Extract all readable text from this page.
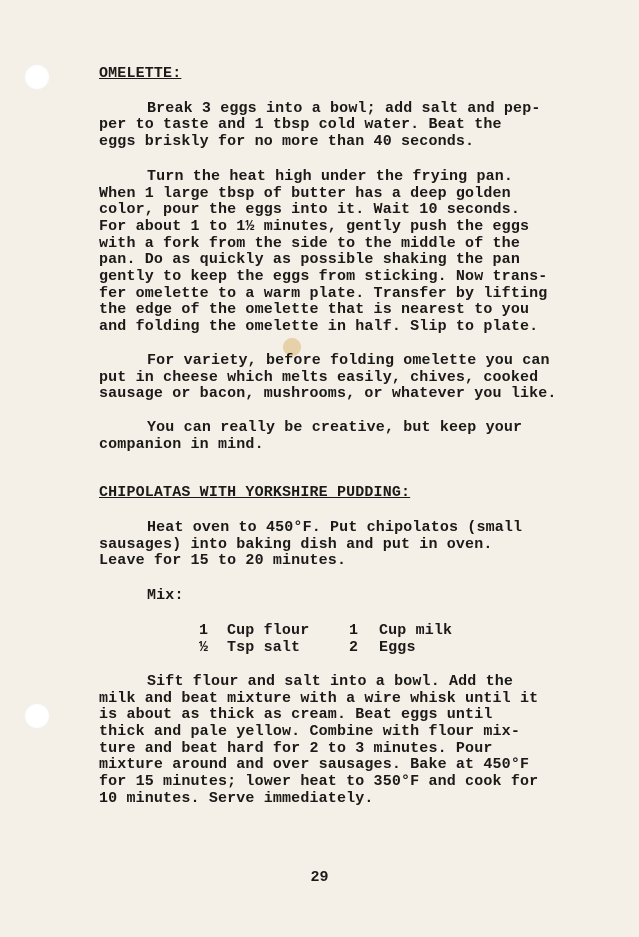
OMELETTE:

Break 3 eggs into a bowl; add salt and pep-
per to taste and 1 tbsp cold water. Beat the
eggs briskly for no more than 40 seconds.

Turn the heat high under the frying pan.
When 1 large tbsp of butter has a deep golden
color, pour the eggs into it. Wait 10 seconds.
For about 1 to 1½ minutes, gently push the eggs
with a fork from the side to the middle of the
pan. Do as quickly as possible shaking the pan
gently to keep the eggs from sticking. Now trans-
fer omelette to a warm plate. Transfer by lifting
the edge of the omelette that is nearest to you
and folding the omelette in half. Slip to plate.

For variety, before folding omelette you can
put in cheese which melts easily, chives, cooked
sausage or bacon, mushrooms, or whatever you like.

You can really be creative, but keep your
companion in mind.

CHIPOLATAS WITH YORKSHIRE PUDDING:

Heat oven to 450°F. Put chipolatos (small
sausages) into baking dish and put in oven.
Leave for 15 to 20 minutes.

Mix:

1 Cup flour
½ Tsp salt
1 Cup milk
2 Eggs

Sift flour and salt into a bowl. Add the
milk and beat mixture with a wire whisk until it
is about as thick as cream. Beat eggs until
thick and pale yellow. Combine with flour mix-
ture and beat hard for 2 to 3 minutes. Pour
mixture around and over sausages. Bake at 450°F
for 15 minutes; lower heat to 350°F and cook for
10 minutes. Serve immediately.

29
